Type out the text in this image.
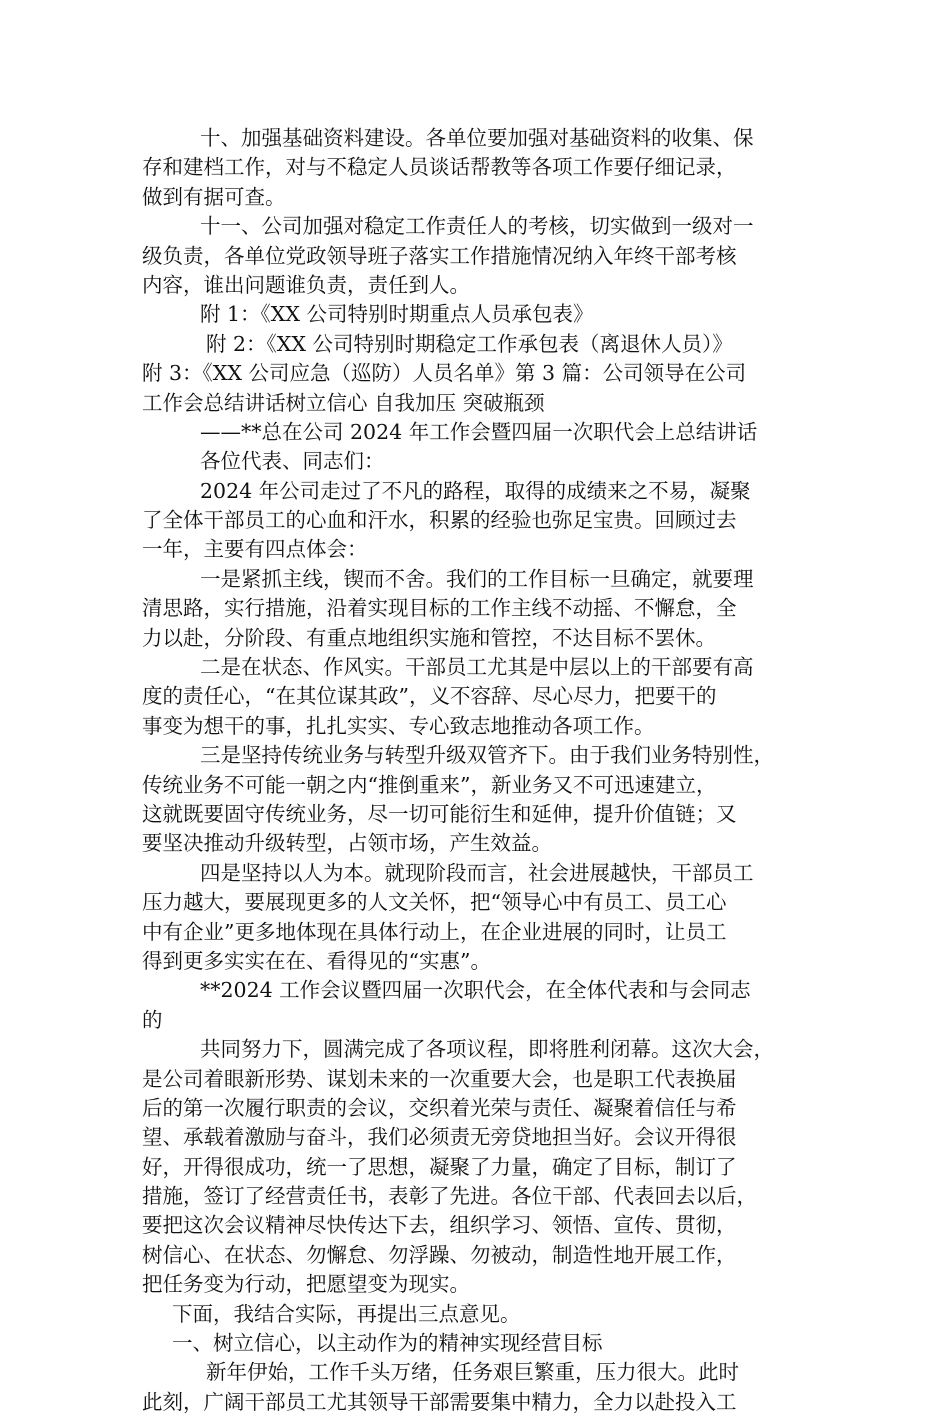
十、加强基础资料建设。各单位要加强对基础资料的收集、保
存和建档工作，对与不稳定人员谈话帮教等各项工作要仔细记录，
做到有据可查。
十一、公司加强对稳定工作责任人的考核，切实做到一级对一
级负责，各单位党政领导班子落实工作措施情况纳入年终干部考核
内容，谁出问题谁负责，责任到人。
附 1：《XX 公司特别时期重点人员承包表》
附 2：《XX 公司特别时期稳定工作承包表（离退休人员）》
附 3：《XX 公司应急（巡防）人员名单》第 3 篇：公司领导在公司
工作会总结讲话树立信心 自我加压 突破瓶颈
——**总在公司 2024 年工作会暨四届一次职代会上总结讲话
各位代表、同志们：
2024 年公司走过了不凡的路程，取得的成绩来之不易，凝聚
了全体干部员工的心血和汗水，积累的经验也弥足宝贵。回顾过去
一年，主要有四点体会：
一是紧抓主线，锲而不舍。我们的工作目标一旦确定，就要理
清思路，实行措施，沿着实现目标的工作主线不动摇、不懈怠，全
力以赴，分阶段、有重点地组织实施和管控，不达目标不罢休。
二是在状态、作风实。干部员工尤其是中层以上的干部要有高
度的责任心，“在其位谋其政”，义不容辞、尽心尽力，把要干的
事变为想干的事，扎扎实实、专心致志地推动各项工作。
三是坚持传统业务与转型升级双管齐下。由于我们业务特别性，
传统业务不可能一朝之内“推倒重来”，新业务又不可迅速建立，
这就既要固守传统业务，尽一切可能衍生和延伸，提升价值链；又
要坚决推动升级转型，占领市场，产生效益。
四是坚持以人为本。就现阶段而言，社会进展越快，干部员工
压力越大，要展现更多的人文关怀，把“领导心中有员工、员工心
中有企业”更多地体现在具体行动上，在企业进展的同时，让员工
得到更多实实在在、看得见的“实惠”。
**2024 工作会议暨四届一次职代会，在全体代表和与会同志
的
共同努力下，圆满完成了各项议程，即将胜利闭幕。这次大会，
是公司着眼新形势、谋划未来的一次重要大会，也是职工代表换届
后的第一次履行职责的会议，交织着光荣与责任、凝聚着信任与希
望、承载着激励与奋斗，我们必须责无旁贷地担当好。会议开得很
好，开得很成功，统一了思想，凝聚了力量，确定了目标，制订了
措施，签订了经营责任书，表彰了先进。各位干部、代表回去以后，
要把这次会议精神尽快传达下去，组织学习、领悟、宣传、贯彻，
树信心、在状态、勿懈怠、勿浮躁、勿被动，制造性地开展工作，
把任务变为行动，把愿望变为现实。
下面，我结合实际，再提出三点意见。
一、树立信心，以主动作为的精神实现经营目标
新年伊始，工作千头万绪，任务艰巨繁重，压力很大。此时
此刻，广阔干部员工尤其领导干部需要集中精力，全力以赴投入工
